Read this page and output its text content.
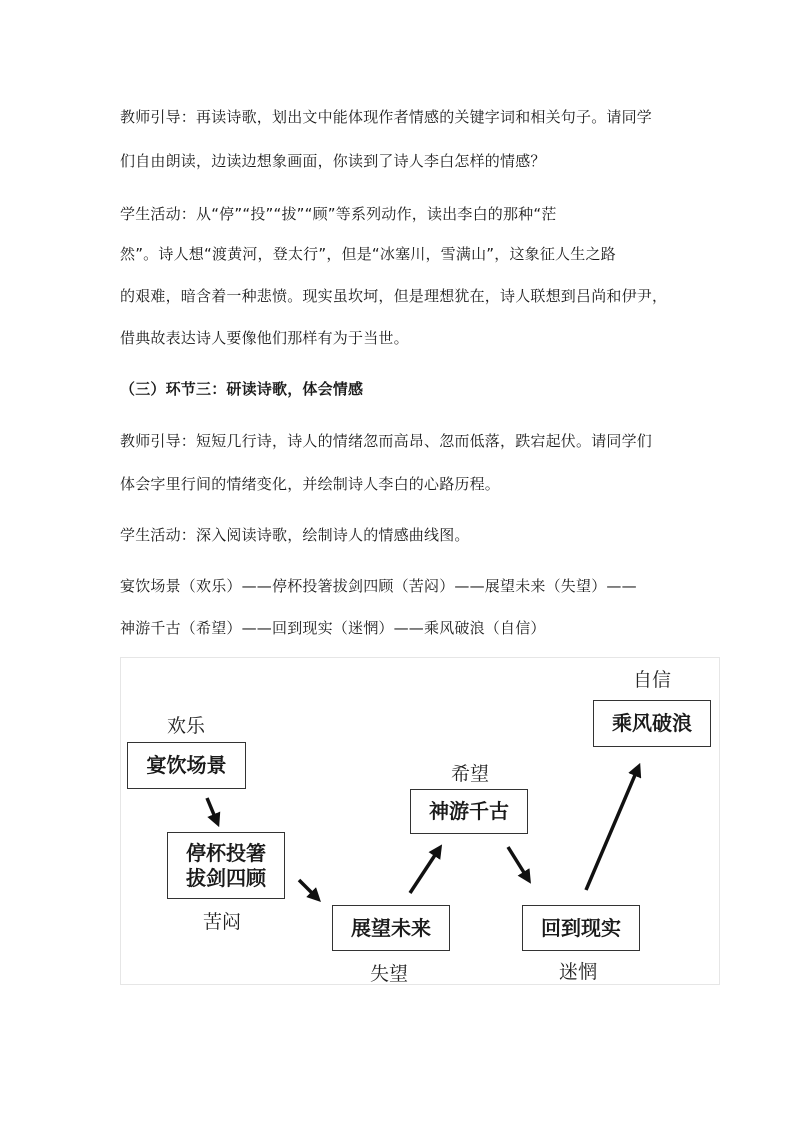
教师引导：再读诗歌，划出文中能体现作者情感的关键字词和相关句子。请同学

们自由朗读，边读边想象画面，你读到了诗人李白怎样的情感？

学生活动：从“停”“投”“拔”“顾”等系列动作，读出李白的那种“茫

然”。诗人想“渡黄河，登太行”，但是“冰塞川，雪满山”，这象征人生之路

的艰难，暗含着一种悲愤。现实虽坎坷，但是理想犹在，诗人联想到吕尚和伊尹，

借典故表达诗人要像他们那样有为于当世。

（三）环节三：研读诗歌，体会情感

教师引导：短短几行诗，诗人的情绪忽而高昂、忽而低落，跌宕起伏。请同学们

体会字里行间的情绪变化，并绘制诗人李白的心路历程。

学生活动：深入阅读诗歌，绘制诗人的情感曲线图。

宴饮场景（欢乐）——停杯投箸拔剑四顾（苦闷）——展望未来（失望）——

神游千古（希望）——回到现实（迷惘）——乘风破浪（自信）

欢乐
宴饮场景
停杯投箸
拔剑四顾
苦闷	展望未来
失望
希望
神游千古
回到现实
迷惘
自信
乘风破浪
